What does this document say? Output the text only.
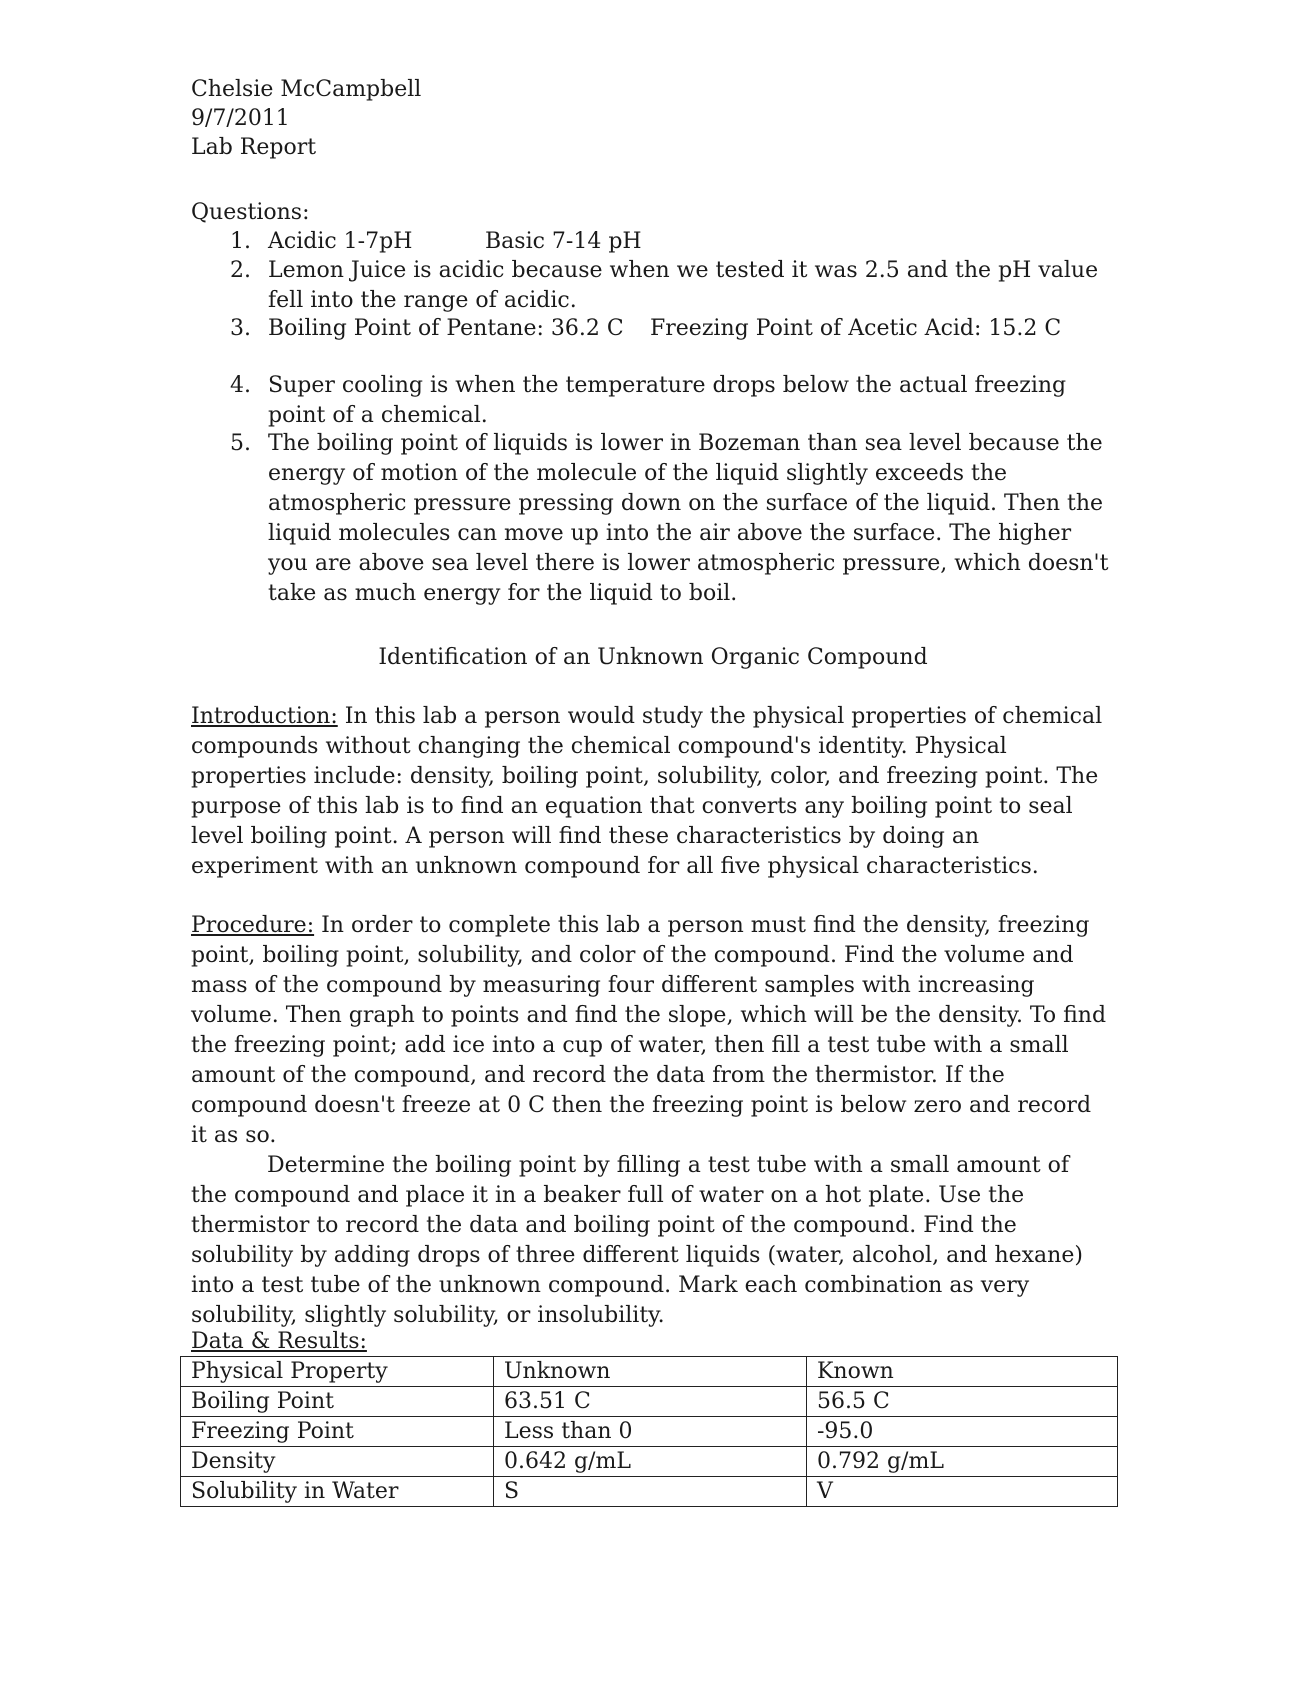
Chelsie McCampbell
9/7/2011
Lab Report
Questions:
1. Acidic 1-7pH	Basic 7-14 pH
2. Lemon Juice is acidic because when we tested it was 2.5 and the pH value fell into the range of acidic.
3. Boiling Point of Pentane: 36.2 C Freezing Point of Acetic Acid: 15.2 C
4. Super cooling is when the temperature drops below the actual freezing point of a chemical.
5. The boiling point of liquids is lower in Bozeman than sea level because the energy of motion of the molecule of the liquid slightly exceeds the atmospheric pressure pressing down on the surface of the liquid. Then the liquid molecules can move up into the air above the surface. The higher you are above sea level there is lower atmospheric pressure, which doesn't take as much energy for the liquid to boil.
Identification of an Unknown Organic Compound
Introduction: In this lab a person would study the physical properties of chemical compounds without changing the chemical compound's identity. Physical properties include: density, boiling point, solubility, color, and freezing point. The purpose of this lab is to find an equation that converts any boiling point to seal level boiling point. A person will find these characteristics by doing an experiment with an unknown compound for all five physical characteristics.
Procedure: In order to complete this lab a person must find the density, freezing point, boiling point, solubility, and color of the compound. Find the volume and mass of the compound by measuring four different samples with increasing volume. Then graph to points and find the slope, which will be the density. To find the freezing point; add ice into a cup of water, then fill a test tube with a small amount of the compound, and record the data from the thermistor. If the compound doesn't freeze at 0 C then the freezing point is below zero and record it as so.
Determine the boiling point by filling a test tube with a small amount of the compound and place it in a beaker full of water on a hot plate. Use the thermistor to record the data and boiling point of the compound. Find the solubility by adding drops of three different liquids (water, alcohol, and hexane) into a test tube of the unknown compound. Mark each combination as very solubility, slightly solubility, or insolubility.
Data & Results:
Physical Property	Unknown	Known
Boiling Point	63.51 C	56.5 C
Freezing Point	Less than 0	-95.0
Density	0.642 g/mL	0.792 g/mL
Solubility in Water	S	V
